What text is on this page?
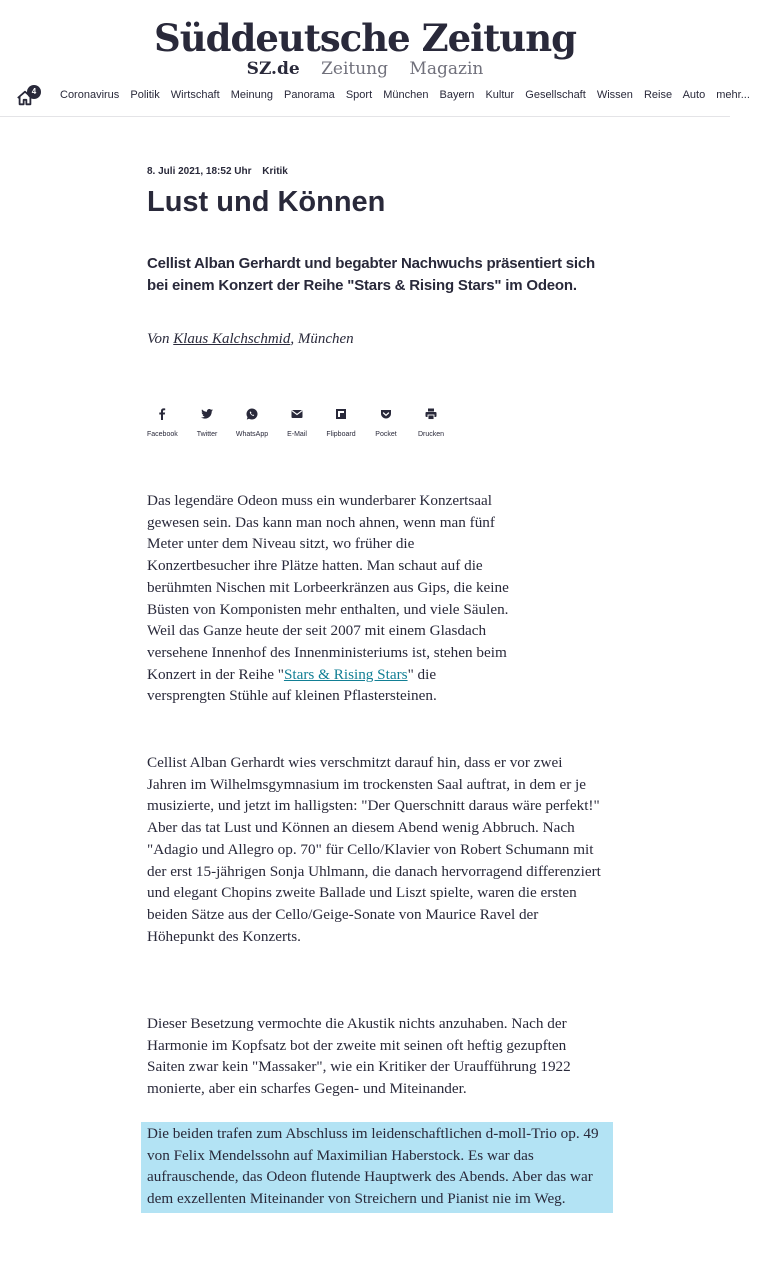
Süddeutsche Zeitung
SZ.de Zeitung Magazin
4	Coronavirus Politik Wirtschaft Meinung Panorama Sport München Bayern Kultur Gesellschaft Wissen Reise Auto mehr...
8. Juli 2021, 18:52 Uhr Kritik
Lust und Können
Cellist Alban Gerhardt und begabter Nachwuchs präsentiert sich bei einem Konzert der Reihe "Stars & Rising Stars" im Odeon.
Von Klaus Kalchschmid, München
Facebook	Twitter	WhatsApp	E-Mail	Flipboard	Pocket	Drucken

Das legendäre Odeon muss ein wunderbarer Konzertsaal gewesen sein. Das kann man noch ahnen, wenn man fünf Meter unter dem Niveau sitzt, wo früher die Konzertbesucher ihre Plätze hatten. Man schaut auf die berühmten Nischen mit Lorbeerkränzen aus Gips, die keine Büsten von Komponisten mehr enthalten, und viele Säulen. Weil das Ganze heute der seit 2007 mit einem Glasdach versehene Innenhof des Innenministeriums ist, stehen beim Konzert in der Reihe "Stars & Rising Stars" die versprengten Stühle auf kleinen Pflastersteinen.

Cellist Alban Gerhardt wies verschmitzt darauf hin, dass er vor zwei Jahren im Wilhelmsgymnasium im trockensten Saal auftrat, in dem er je musizierte, und jetzt im halligsten: "Der Querschnitt daraus wäre perfekt!" Aber das tat Lust und Können an diesem Abend wenig Abbruch. Nach "Adagio und Allegro op. 70" für Cello/Klavier von Robert Schumann mit der erst 15-jährigen Sonja Uhlmann, die danach hervorragend differenziert und elegant Chopins zweite Ballade und Liszt spielte, waren die ersten beiden Sätze aus der Cello/Geige-Sonate von Maurice Ravel der Höhepunkt des Konzerts.

Dieser Besetzung vermochte die Akustik nichts anzuhaben. Nach der Harmonie im Kopfsatz bot der zweite mit seinen oft heftig gezupften Saiten zwar kein "Massaker", wie ein Kritiker der Uraufführung 1922 monierte, aber ein scharfes Gegen- und Miteinander.

Die beiden trafen zum Abschluss im leidenschaftlichen d-moll-Trio op. 49 von Felix Mendelssohn auf Maximilian Haberstock. Es war das aufrauschende, das Odeon flutende Hauptwerk des Abends. Aber das war dem exzellenten Miteinander von Streichern und Pianist nie im Weg.
